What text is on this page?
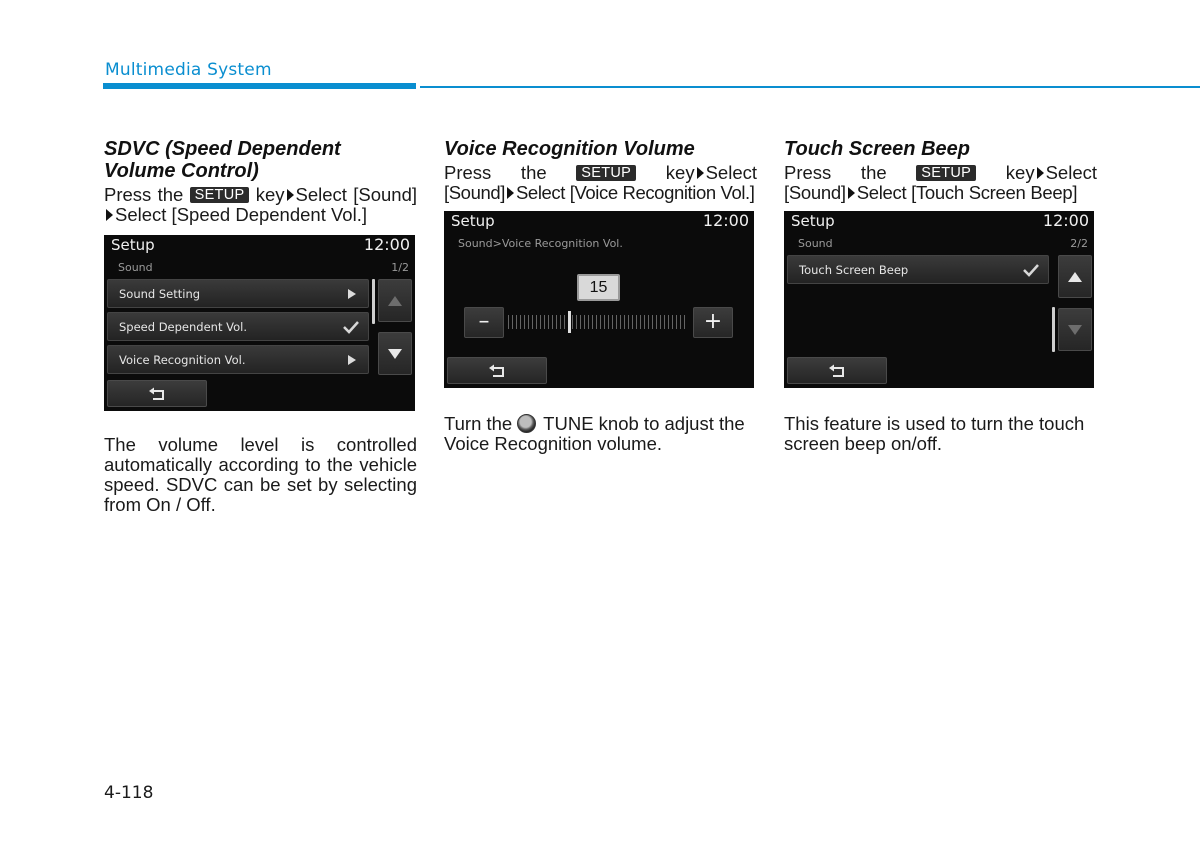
Multimedia System
SDVC (Speed Dependent Volume Control)
Press the SETUP key Select [Sound]
Select [Speed Dependent Vol.]
Setup	12:00
Sound	1/2
Sound Setting
Speed Dependent Vol.
Voice Recognition Vol.
The volume level is controlled automatically according to the vehicle speed. SDVC can be set by selecting from On / Off.
Voice Recognition Volume
Press the SETUP key Select
[Sound] Select [Voice Recognition Vol.]
Setup	12:00
Sound>Voice Recognition Vol.
15
–	+
Turn the TUNE knob to adjust the Voice Recognition volume.
Touch Screen Beep
Press the SETUP key Select
[Sound] Select [Touch Screen Beep]
Setup	12:00
Sound	2/2
Touch Screen Beep
This feature is used to turn the touch screen beep on/off.
4-118
